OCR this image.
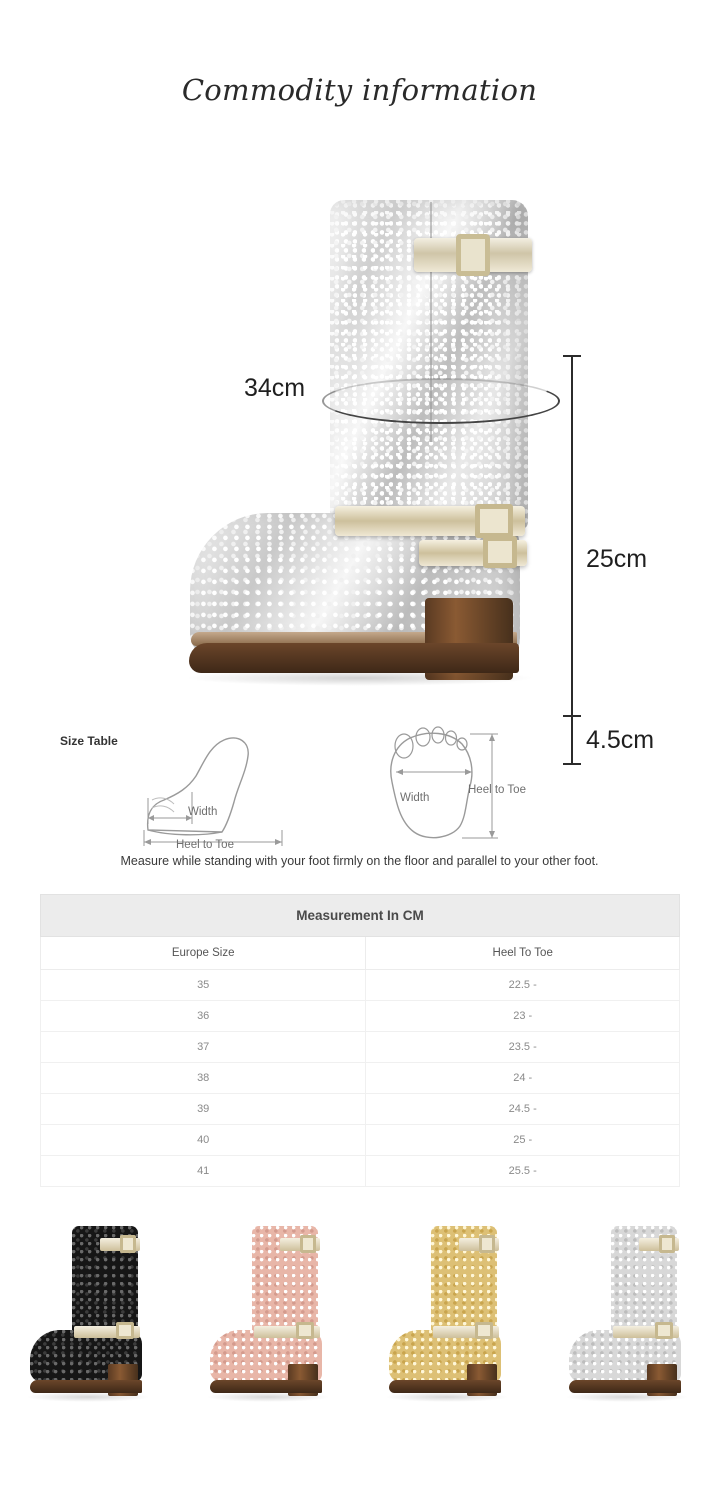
Commodity information
34cm
25cm
4.5cm
Size Table
Width
Heel to Toe
Width
Heel to Toe
Measure while standing with your foot firmly on the floor and parallel to your other foot.
Measurement In CM	
Europe Size	Heel To Toe
35	22.5 -
36	23 -
37	23.5 -
38	24 -
39	24.5 -
40	25 -
41	25.5 -
